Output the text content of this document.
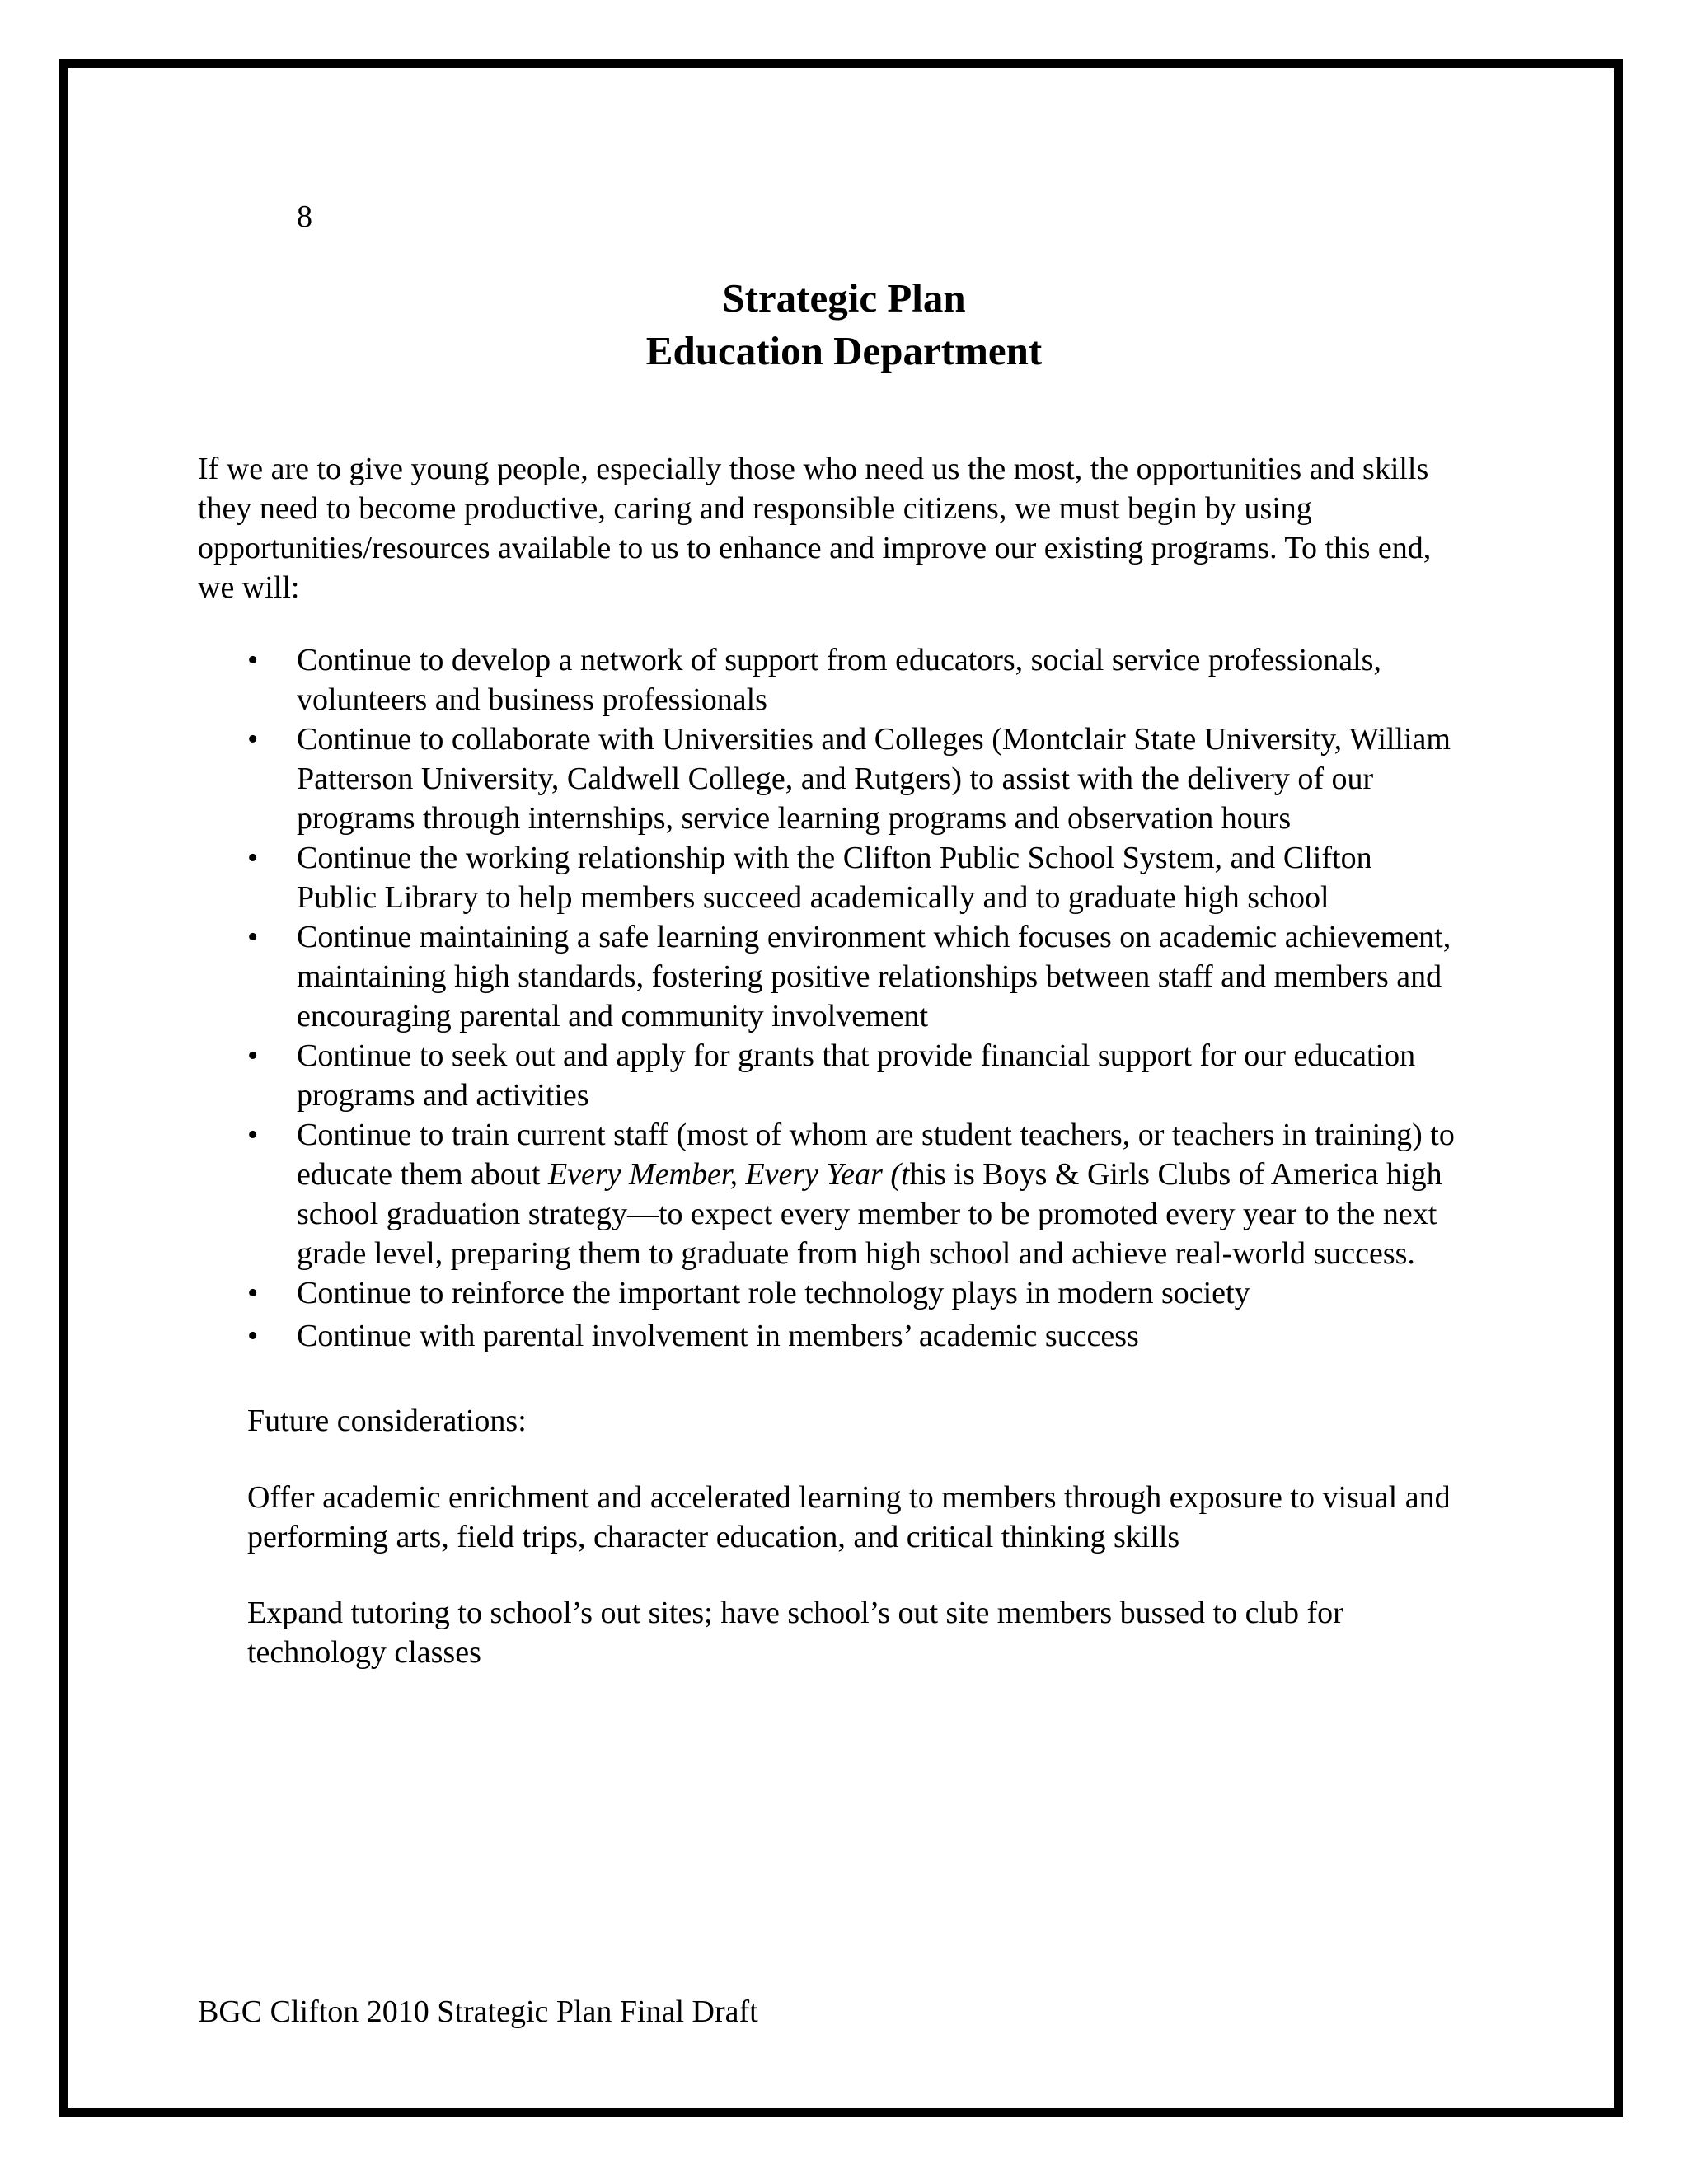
8
Strategic Plan
Education Department
If we are to give young people, especially those who need us the most, the opportunities and skills
they need to become productive, caring and responsible citizens, we must begin by using
opportunities/resources available to us to enhance and improve our existing programs. To this end,
we will:
•	Continue to develop a network of support from educators, social service professionals,
volunteers and business professionals
•	Continue to collaborate with Universities and Colleges (Montclair State University, William
Patterson University, Caldwell College, and Rutgers) to assist with the delivery of our
programs through internships, service learning programs and observation hours
•	Continue the working relationship with the Clifton Public School System, and Clifton
Public Library to help members succeed academically and to graduate high school
•	Continue maintaining a safe learning environment which focuses on academic achievement,
maintaining high standards, fostering positive relationships between staff and members and
encouraging parental and community involvement
•	Continue to seek out and apply for grants that provide financial support for our education
programs and activities
•	Continue to train current staff (most of whom are student teachers, or teachers in training) to
educate them about Every Member, Every Year (this is Boys & Girls Clubs of America high
school graduation strategy—to expect every member to be promoted every year to the next
grade level, preparing them to graduate from high school and achieve real-world success.
•	Continue to reinforce the important role technology plays in modern society
•	Continue with parental involvement in members’ academic success
Future considerations:
Offer academic enrichment and accelerated learning to members through exposure to visual and
performing arts, field trips, character education, and critical thinking skills
Expand tutoring to school’s out sites; have school’s out site members bussed to club for
technology classes
BGC Clifton 2010 Strategic Plan Final Draft
